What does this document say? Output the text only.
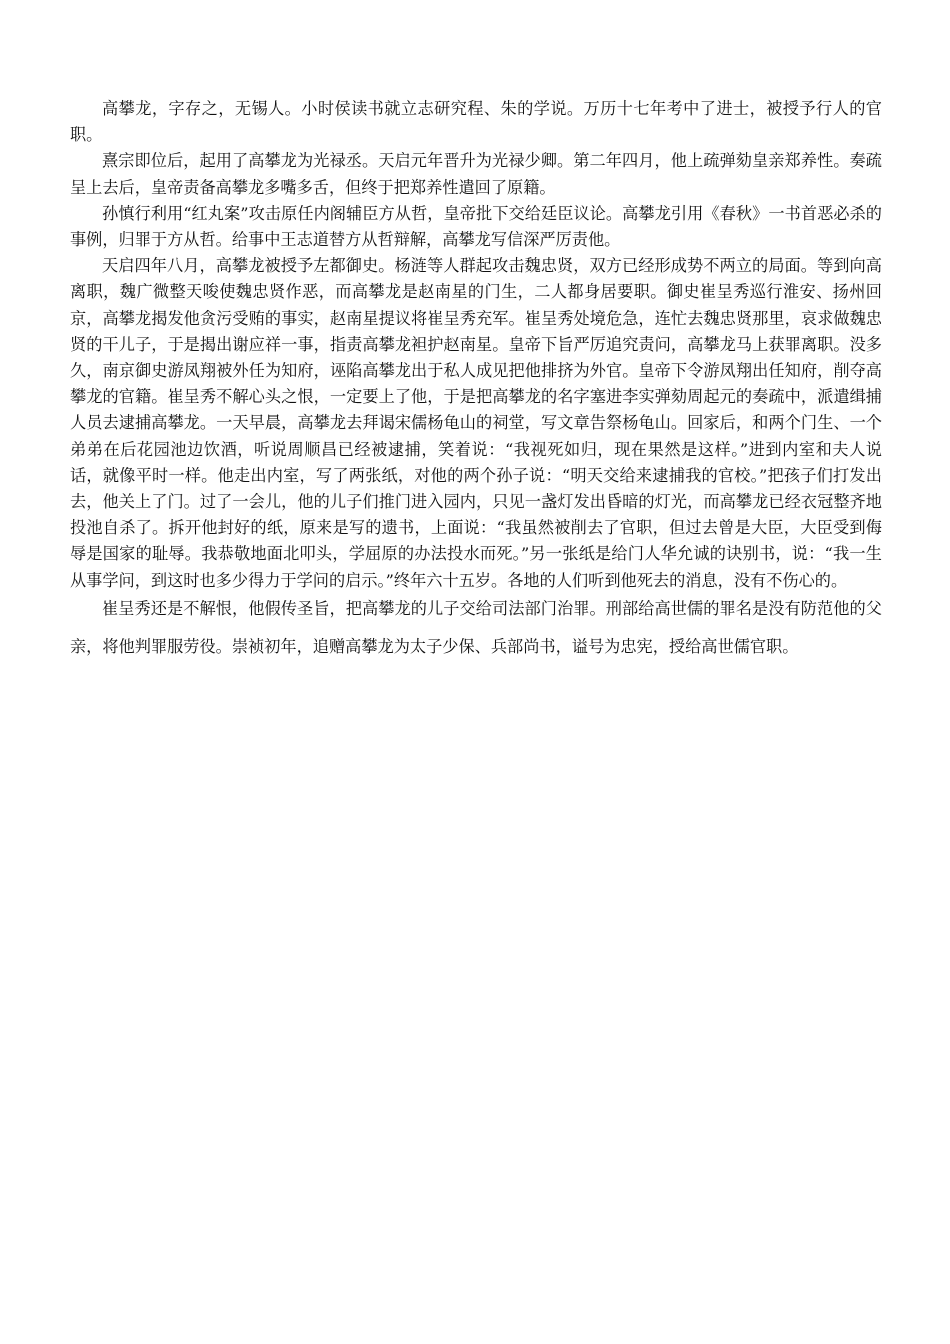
高攀龙，字存之，无锡人。小时侯读书就立志研究程、朱的学说。万历十七年考中了进士，被授予行人的官职。

熹宗即位后，起用了高攀龙为光禄丞。天启元年晋升为光禄少卿。第二年四月，他上疏弹劾皇亲郑养性。奏疏呈上去后，皇帝责备高攀龙多嘴多舌，但终于把郑养性遣回了原籍。

孙慎行利用“红丸案”攻击原任内阁辅臣方从哲，皇帝批下交给廷臣议论。高攀龙引用《春秋》一书首恶必杀的事例，归罪于方从哲。给事中王志道替方从哲辩解，高攀龙写信深严厉责他。

天启四年八月，高攀龙被授予左都御史。杨涟等人群起攻击魏忠贤，双方已经形成势不两立的局面。等到向高离职，魏广微整天唆使魏忠贤作恶，而高攀龙是赵南星的门生，二人都身居要职。御史崔呈秀巡行淮安、扬州回京，高攀龙揭发他贪污受贿的事实，赵南星提议将崔呈秀充军。崔呈秀处境危急，连忙去魏忠贤那里，哀求做魏忠贤的干儿子，于是揭出谢应祥一事，指责高攀龙袒护赵南星。皇帝下旨严厉追究责问，高攀龙马上获罪离职。没多久，南京御史游凤翔被外任为知府，诬陷高攀龙出于私人成见把他排挤为外官。皇帝下令游凤翔出任知府，削夺高攀龙的官籍。崔呈秀不解心头之恨，一定要上了他，于是把高攀龙的名字塞进李实弹劾周起元的奏疏中，派遣缉捕人员去逮捕高攀龙。一天早晨，高攀龙去拜谒宋儒杨龟山的祠堂，写文章告祭杨龟山。回家后，和两个门生、一个弟弟在后花园池边饮酒，听说周顺昌已经被逮捕，笑着说：“我视死如归，现在果然是这样。”进到内室和夫人说话，就像平时一样。他走出内室，写了两张纸，对他的两个孙子说：“明天交给来逮捕我的官校。”把孩子们打发出去，他关上了门。过了一会儿，他的儿子们推门进入园内，只见一盏灯发出昏暗的灯光，而高攀龙已经衣冠整齐地投池自杀了。拆开他封好的纸，原来是写的遗书，上面说：“我虽然被削去了官职，但过去曾是大臣，大臣受到侮辱是国家的耻辱。我恭敬地面北叩头，学屈原的办法投水而死。”另一张纸是给门人华允诚的诀别书，说：“我一生从事学问，到这时也多少得力于学问的启示。”终年六十五岁。各地的人们听到他死去的消息，没有不伤心的。

崔呈秀还是不解恨，他假传圣旨，把高攀龙的儿子交给司法部门治罪。刑部给高世儒的罪名是没有防范他的父亲，将他判罪服劳役。崇祯初年，追赠高攀龙为太子少保、兵部尚书，谥号为忠宪，授给高世儒官职。
